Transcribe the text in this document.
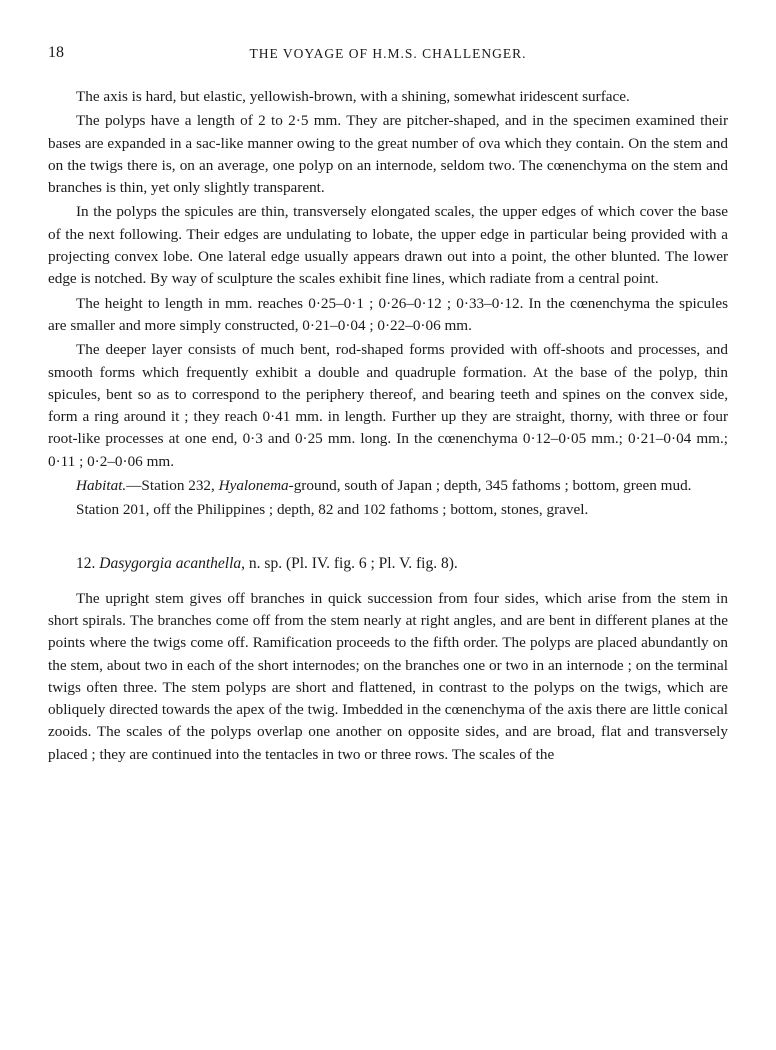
18	THE VOYAGE OF H.M.S. CHALLENGER.

The axis is hard, but elastic, yellowish-brown, with a shining, somewhat iridescent surface.

The polyps have a length of 2 to 2·5 mm. They are pitcher-shaped, and in the specimen examined their bases are expanded in a sac-like manner owing to the great number of ova which they contain. On the stem and on the twigs there is, on an average, one polyp on an internode, seldom two. The cœnenchyma on the stem and branches is thin, yet only slightly transparent.

In the polyps the spicules are thin, transversely elongated scales, the upper edges of which cover the base of the next following. Their edges are undulating to lobate, the upper edge in particular being provided with a projecting convex lobe. One lateral edge usually appears drawn out into a point, the other blunted. The lower edge is notched. By way of sculpture the scales exhibit fine lines, which radiate from a central point.

The height to length in mm. reaches 0·25–0·1 ; 0·26–0·12 ; 0·33–0·12. In the cœnenchyma the spicules are smaller and more simply constructed, 0·21–0·04 ; 0·22–0·06 mm.

The deeper layer consists of much bent, rod-shaped forms provided with off-shoots and processes, and smooth forms which frequently exhibit a double and quadruple formation. At the base of the polyp, thin spicules, bent so as to correspond to the periphery thereof, and bearing teeth and spines on the convex side, form a ring around it ; they reach 0·41 mm. in length. Further up they are straight, thorny, with three or four root-like processes at one end, 0·3 and 0·25 mm. long. In the cœnenchyma 0·12–0·05 mm.; 0·21–0·04 mm.; 0·11 ; 0·2–0·06 mm.

Habitat.—Station 232, Hyalonema-ground, south of Japan ; depth, 345 fathoms ; bottom, green mud.

Station 201, off the Philippines ; depth, 82 and 102 fathoms ; bottom, stones, gravel.

12. Dasygorgia acanthella, n. sp. (Pl. IV. fig. 6 ; Pl. V. fig. 8).

The upright stem gives off branches in quick succession from four sides, which arise from the stem in short spirals. The branches come off from the stem nearly at right angles, and are bent in different planes at the points where the twigs come off. Ramification proceeds to the fifth order. The polyps are placed abundantly on the stem, about two in each of the short internodes; on the branches one or two in an internode ; on the terminal twigs often three. The stem polyps are short and flattened, in contrast to the polyps on the twigs, which are obliquely directed towards the apex of the twig. Imbedded in the cœnenchyma of the axis there are little conical zooids. The scales of the polyps overlap one another on opposite sides, and are broad, flat and transversely placed ; they are continued into the tentacles in two or three rows. The scales of the
